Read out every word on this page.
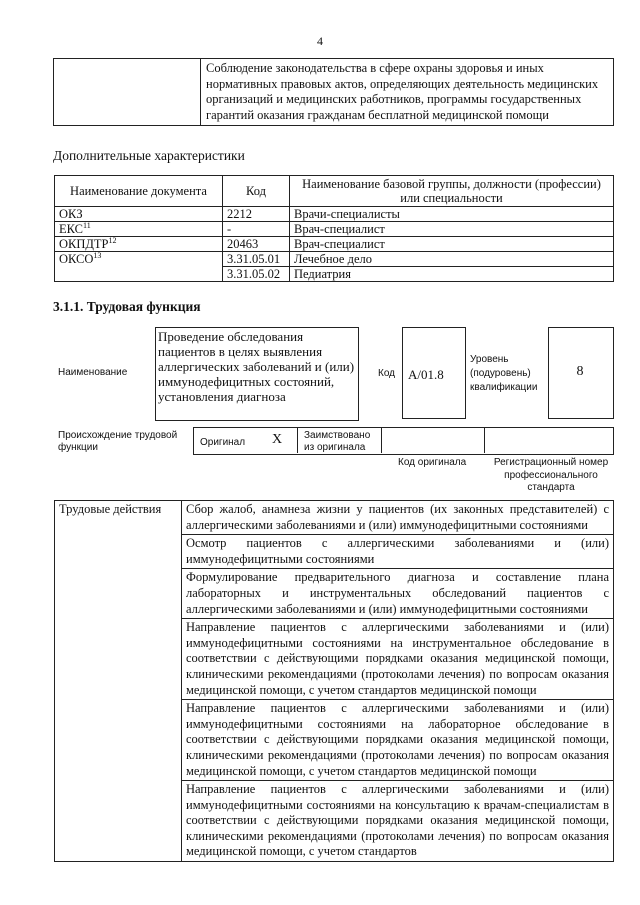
4
	Соблюдение законодательства в сфере охраны здоровья и иных нормативных правовых актов, определяющих деятельность медицинских организаций и медицинских работников, программы государственных гарантий оказания гражданам бесплатной медицинской помощи
Дополнительные характеристики
Наименование документа	Код	Наименование базовой группы, должности (профессии) или специальности
ОКЗ	2212	Врачи-специалисты
ЕКС$^{11}$	-	Врач-специалист
ОКПДТР$^{12}$	20463	Врач-специалист
ОКСО$^{13}$	3.31.05.01	Лечебное дело
	3.31.05.02	Педиатрия
3.1.1. Трудовая функция
Наименование
Проведение обследования пациентов в целях выявления аллергических заболеваний и (или) иммунодефицитных состояний, установления диагноза
Код А/01.8
Уровень (подуровень) квалификации
8
Происхождение трудовой функции	Оригинал X Заимствовано из оригинала
Код оригинала	Регистрационный номер профессионального стандарта
Трудовые действия	Сбор жалоб, анамнеза жизни у пациентов (их законных представителей) с аллергическими заболеваниями и (или) иммунодефицитными состояниями
Осмотр пациентов с аллергическими заболеваниями и (или) иммунодефицитными состояниями
Формулирование предварительного диагноза и составление плана лабораторных и инструментальных обследований пациентов с аллергическими заболеваниями и (или) иммунодефицитными состояниями
Направление пациентов с аллергическими заболеваниями и (или) иммунодефицитными состояниями на инструментальное обследование в соответствии с действующими порядками оказания медицинской помощи, клиническими рекомендациями (протоколами лечения) по вопросам оказания медицинской помощи, с учетом стандартов медицинской помощи
Направление пациентов с аллергическими заболеваниями и (или) иммунодефицитными состояниями на лабораторное обследование в соответствии с действующими порядками оказания медицинской помощи, клиническими рекомендациями (протоколами лечения) по вопросам оказания медицинской помощи, с учетом стандартов медицинской помощи
Направление пациентов с аллергическими заболеваниями и (или) иммунодефицитными состояниями на консультацию к врачам-специалистам в соответствии с действующими порядками оказания медицинской помощи, клиническими рекомендациями (протоколами лечения) по вопросам оказания медицинской помощи, с учетом стандартов
